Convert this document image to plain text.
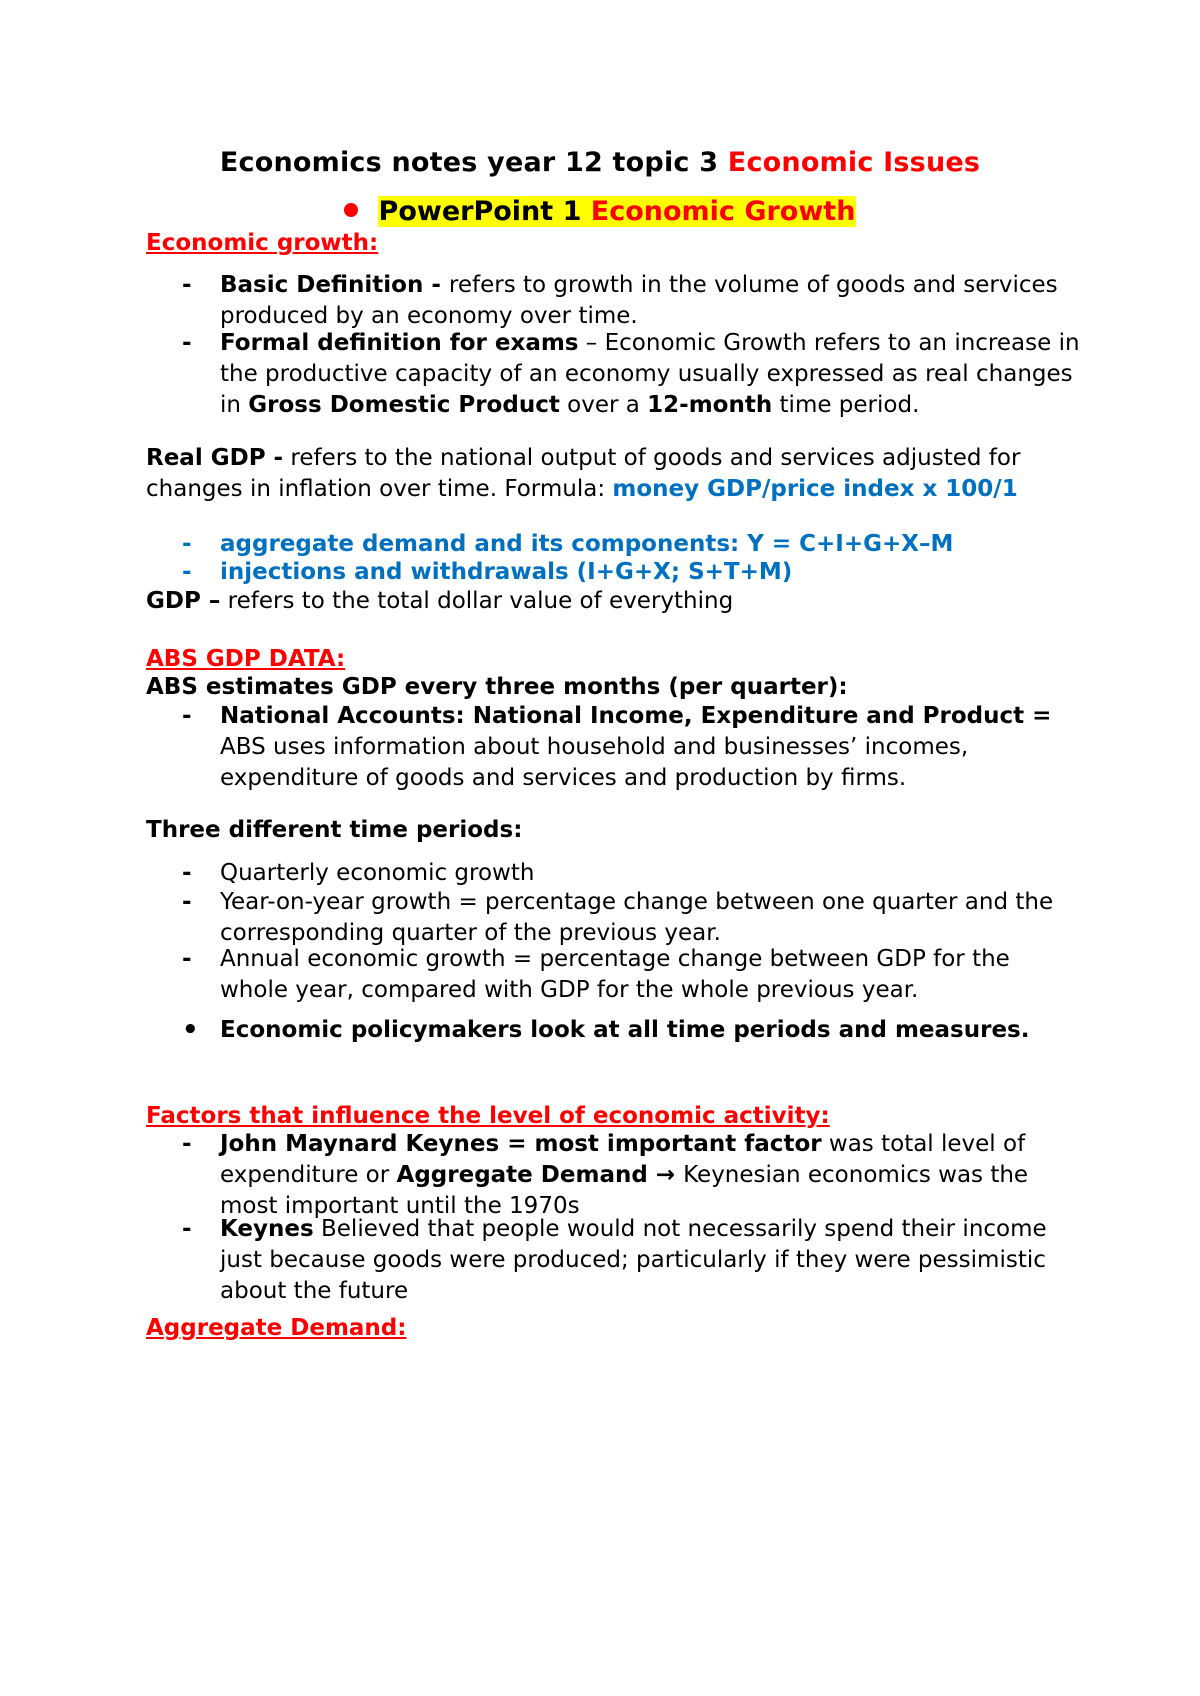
Economics notes year 12 topic 3 Economic Issues
PowerPoint 1 Economic Growth
Economic growth:
- Basic Definition - refers to growth in the volume of goods and services produced by an economy over time.
- Formal definition for exams – Economic Growth refers to an increase in the productive capacity of an economy usually expressed as real changes in Gross Domestic Product over a 12-month time period.
Real GDP - refers to the national output of goods and services adjusted for changes in inflation over time. Formula: money GDP/price index x 100/1
- aggregate demand and its components: Y = C+I+G+X–M
- injections and withdrawals (I+G+X; S+T+M)
GDP – refers to the total dollar value of everything
ABS GDP DATA:
ABS estimates GDP every three months (per quarter):
- National Accounts: National Income, Expenditure and Product = ABS uses information about household and businesses’ incomes, expenditure of goods and services and production by firms.
Three different time periods:
- Quarterly economic growth
- Year-on-year growth = percentage change between one quarter and the corresponding quarter of the previous year.
- Annual economic growth = percentage change between GDP for the whole year, compared with GDP for the whole previous year.
• Economic policymakers look at all time periods and measures.
Factors that influence the level of economic activity:
- John Maynard Keynes = most important factor was total level of expenditure or Aggregate Demand → Keynesian economics was the most important until the 1970s
- Keynes Believed that people would not necessarily spend their income just because goods were produced; particularly if they were pessimistic about the future
Aggregate Demand:
